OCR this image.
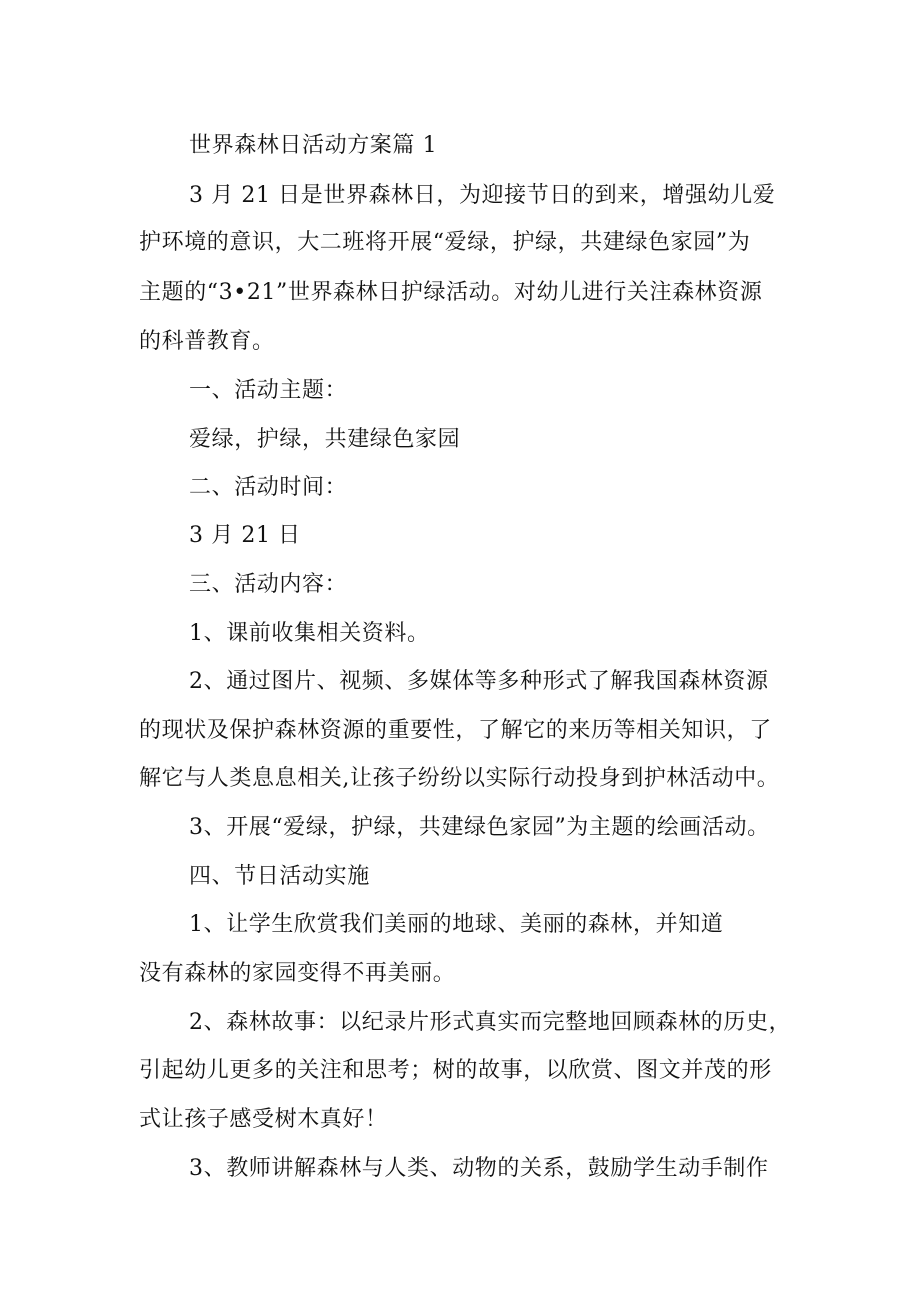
世界森林日活动方案篇 1

3 月 21 日是世界森林日，为迎接节日的到来，增强幼儿爱

护环境的意识，大二班将开展“爱绿，护绿，共建绿色家园”为

主题的“3•21”世界森林日护绿活动。对幼儿进行关注森林资源

的科普教育。

一、活动主题：

爱绿，护绿，共建绿色家园

二、活动时间：

3 月 21 日

三、活动内容：

1、课前收集相关资料。

2、通过图片、视频、多媒体等多种形式了解我国森林资源

的现状及保护森林资源的重要性，了解它的来历等相关知识，了

解它与人类息息相关,让孩子纷纷以实际行动投身到护林活动中。

3、开展“爱绿，护绿，共建绿色家园”为主题的绘画活动。

四、节日活动实施

1、让学生欣赏我们美丽的地球、美丽的森林，并知道

没有森林的家园变得不再美丽。

2、森林故事：以纪录片形式真实而完整地回顾森林的历史，

引起幼儿更多的关注和思考；树的故事，以欣赏、图文并茂的形

式让孩子感受树木真好！

3、教师讲解森林与人类、动物的关系，鼓励学生动手制作
